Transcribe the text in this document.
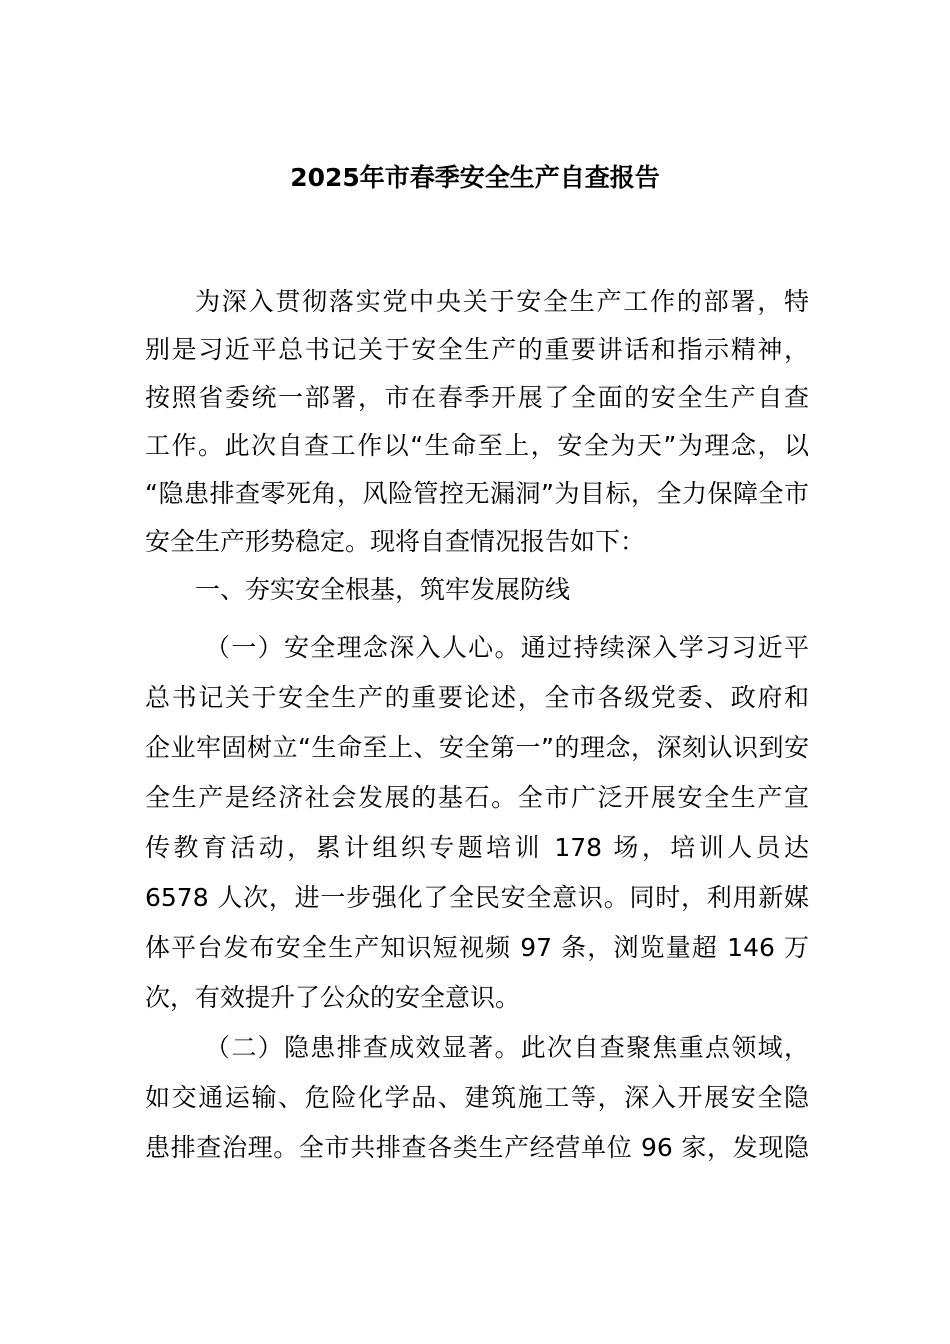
2025年市春季安全生产自查报告
为深入贯彻落实党中央关于安全生产工作的部署，特
别是习近平总书记关于安全生产的重要讲话和指示精神，
按照省委统一部署，市在春季开展了全面的安全生产自查
工作。此次自查工作以“生命至上，安全为天”为理念，以
“隐患排查零死角，风险管控无漏洞”为目标，全力保障全市
安全生产形势稳定。现将自查情况报告如下：
一、夯实安全根基，筑牢发展防线
（一）安全理念深入人心。通过持续深入学习习近平
总书记关于安全生产的重要论述，全市各级党委、政府和
企业牢固树立“生命至上、安全第一”的理念，深刻认识到安
全生产是经济社会发展的基石。全市广泛开展安全生产宣
传教育活动，累计组织专题培训 178 场，培训人员达
6578 人次，进一步强化了全民安全意识。同时，利用新媒
体平台发布安全生产知识短视频 97 条，浏览量超 146 万
次，有效提升了公众的安全意识。
（二）隐患排查成效显著。此次自查聚焦重点领域，
如交通运输、危险化学品、建筑施工等，深入开展安全隐
患排查治理。全市共排查各类生产经营单位 96 家，发现隐
